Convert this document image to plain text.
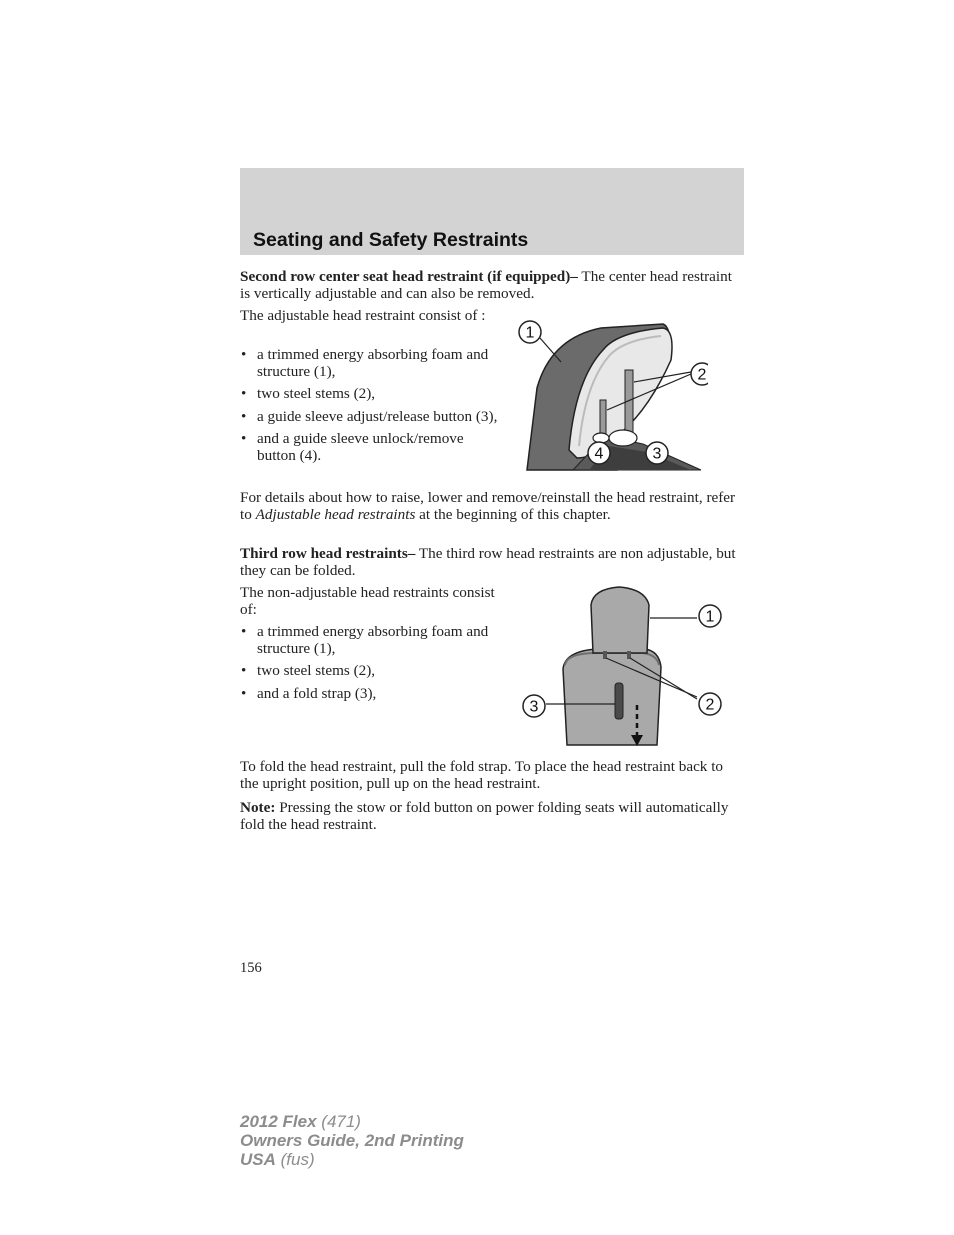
Seating and Safety Restraints

Second row center seat head restraint (if equipped)– The center head restraint is vertically adjustable and can also be removed.

The adjustable head restraint consist of :

• a trimmed energy absorbing foam and structure (1),
• two steel stems (2),
• a guide sleeve adjust/release button (3),
• and a guide sleeve unlock/remove button (4).
1
2
3
4

For details about how to raise, lower and remove/reinstall the head restraint, refer to Adjustable head restraints at the beginning of this chapter.

Third row head restraints– The third row head restraints are non adjustable, but they can be folded.

The non-adjustable head restraints consist of:

• a trimmed energy absorbing foam and structure (1),
• two steel stems (2),
• and a fold strap (3),
1
2
3

To fold the head restraint, pull the fold strap. To place the head restraint back to the upright position, pull up on the head restraint.

Note: Pressing the stow or fold button on power folding seats will automatically fold the head restraint.

156
2012 Flex (471)
Owners Guide, 2nd Printing
USA (fus)
